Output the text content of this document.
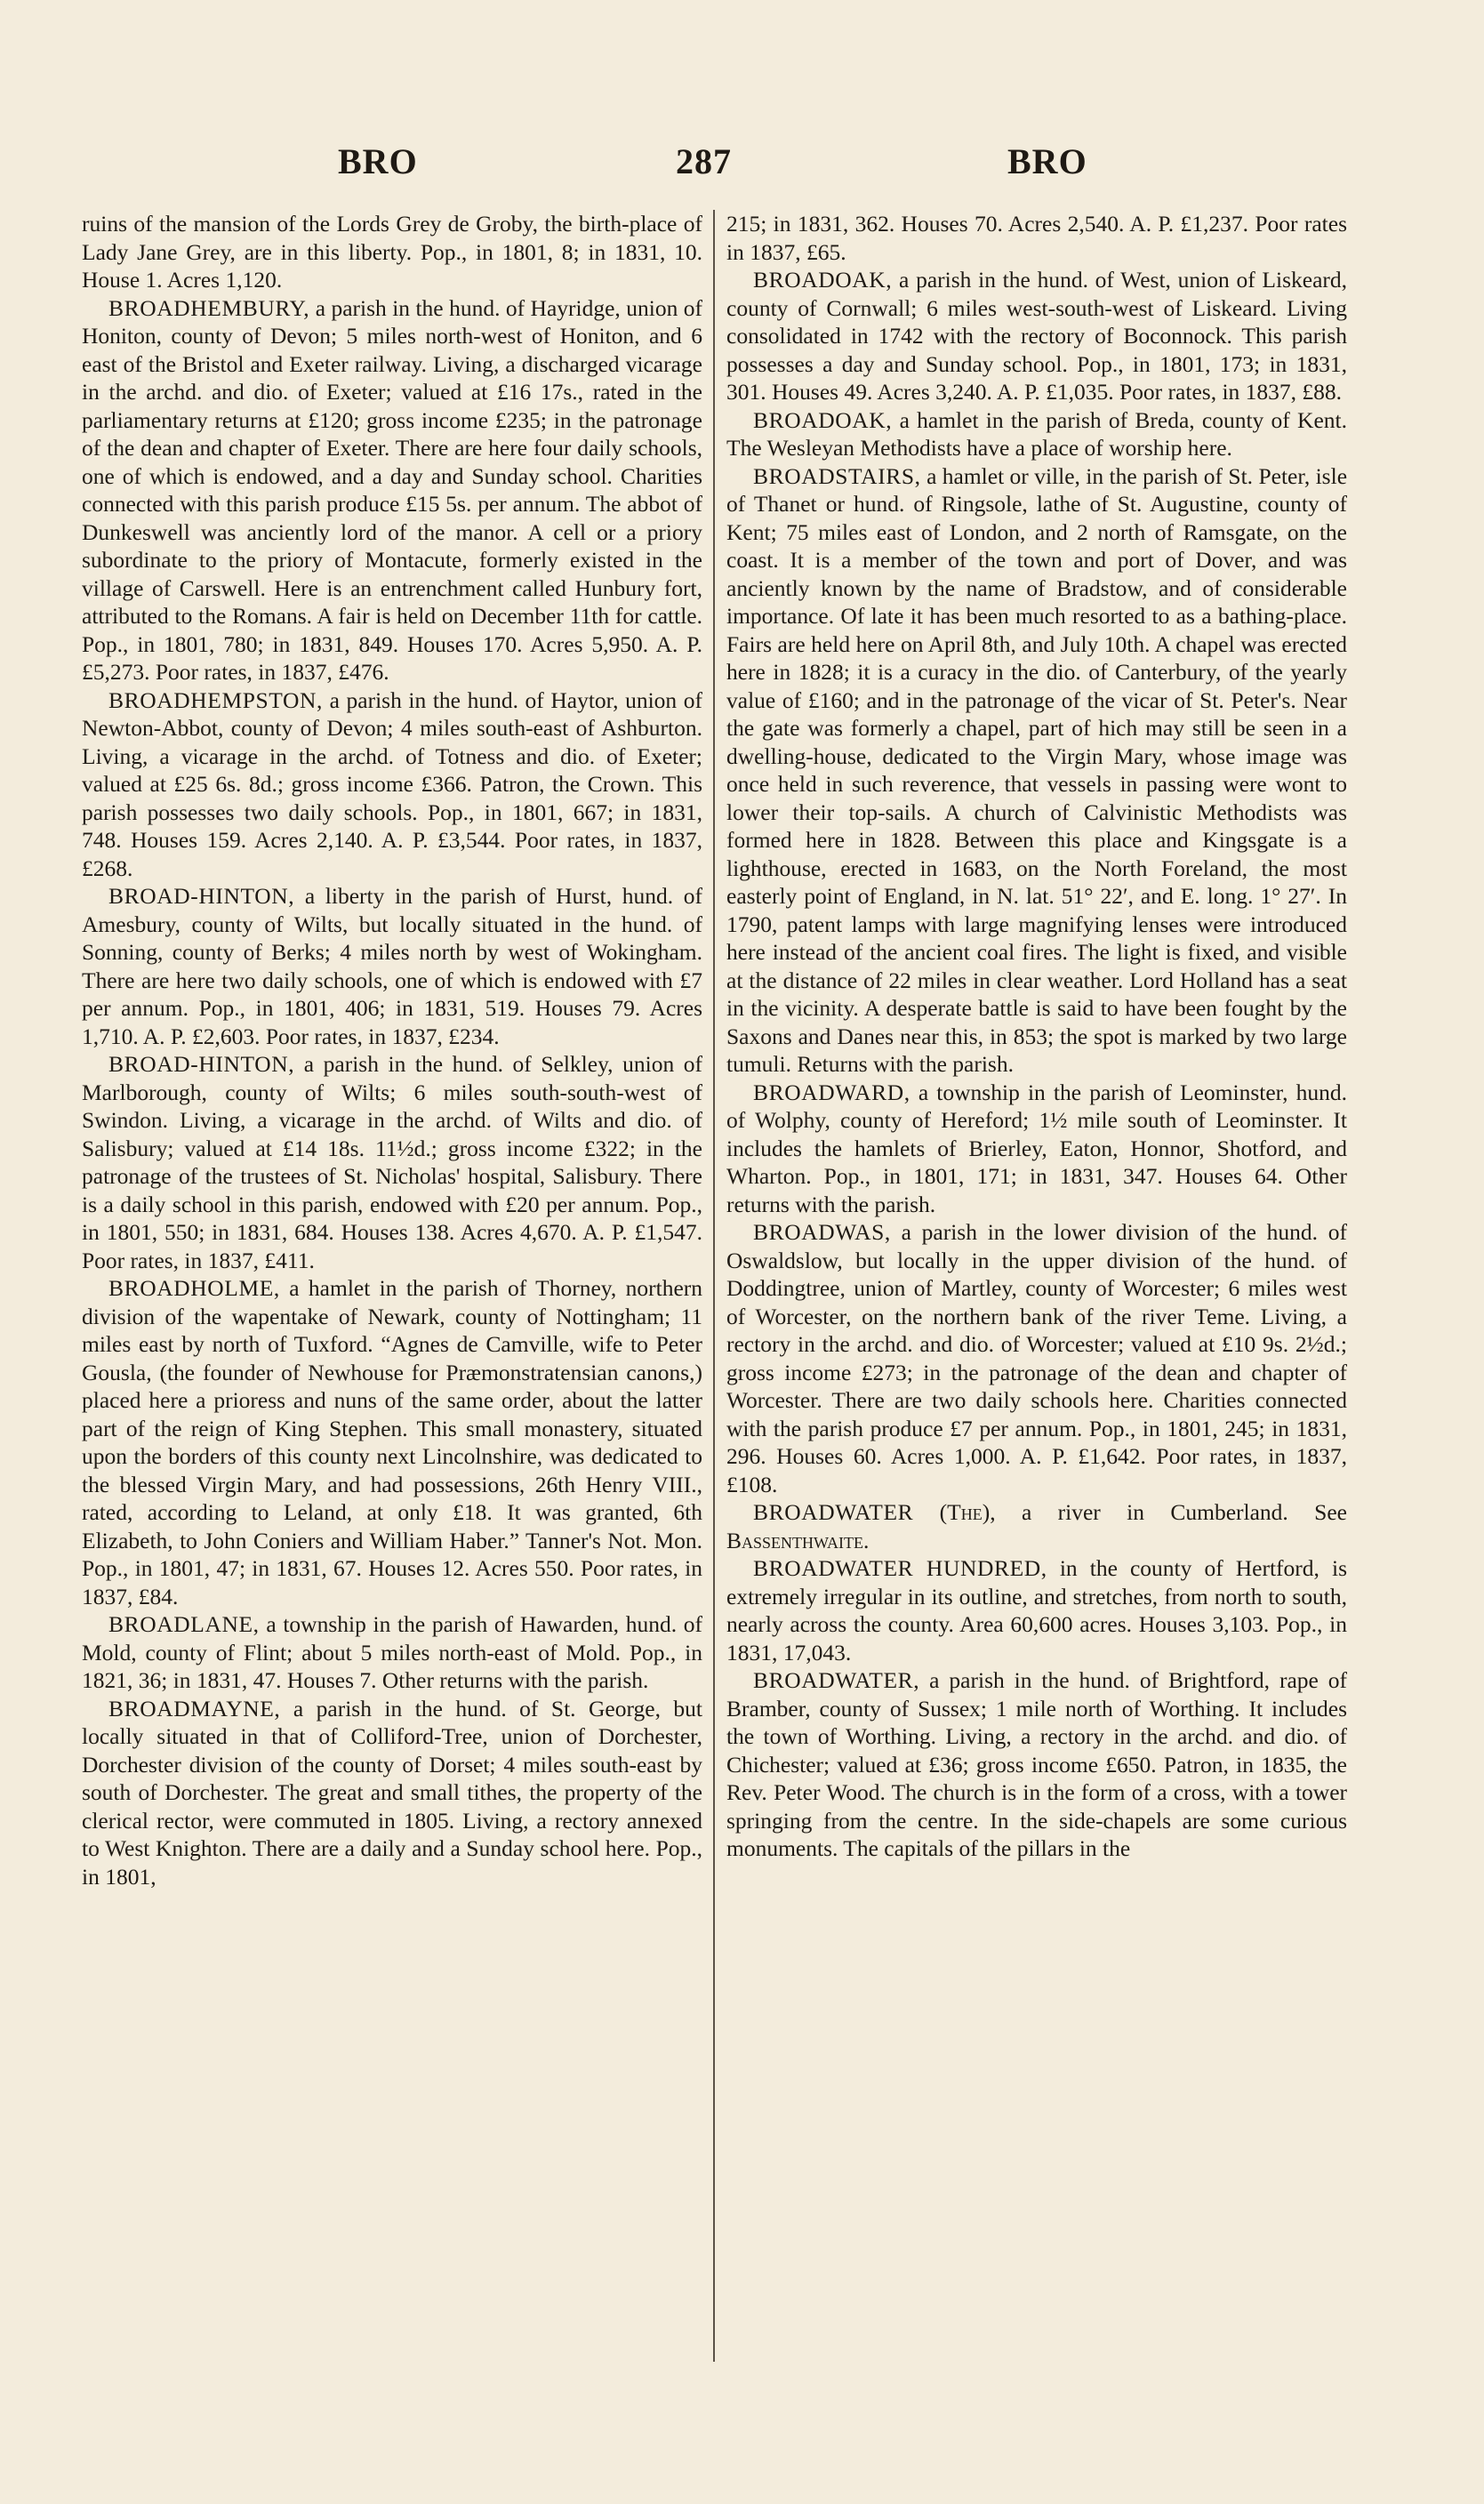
BRO	287	BRO

ruins of the mansion of the Lords Grey de Groby, the birth-place of Lady Jane Grey, are in this liberty. Pop., in 1801, 8; in 1831, 10. House 1. Acres 1,120.

BROADHEMBURY, a parish in the hund. of Hayridge, union of Honiton, county of Devon; 5 miles north-west of Honiton, and 6 east of the Bristol and Exeter railway. Living, a discharged vicarage in the archd. and dio. of Exeter; valued at £16 17s., rated in the parliamentary returns at £120; gross income £235; in the patronage of the dean and chapter of Exeter. There are here four daily schools, one of which is endowed, and a day and Sunday school. Charities connected with this parish produce £15 5s. per annum. The abbot of Dunkeswell was anciently lord of the manor. A cell or a priory subordinate to the priory of Montacute, formerly existed in the village of Carswell. Here is an entrenchment called Hunbury fort, attributed to the Romans. A fair is held on December 11th for cattle. Pop., in 1801, 780; in 1831, 849. Houses 170. Acres 5,950. A. P. £5,273. Poor rates, in 1837, £476.

BROADHEMPSTON, a parish in the hund. of Haytor, union of Newton-Abbot, county of Devon; 4 miles south-east of Ashburton. Living, a vicarage in the archd. of Totness and dio. of Exeter; valued at £25 6s. 8d.; gross income £366. Patron, the Crown. This parish possesses two daily schools. Pop., in 1801, 667; in 1831, 748. Houses 159. Acres 2,140. A. P. £3,544. Poor rates, in 1837, £268.

BROAD-HINTON, a liberty in the parish of Hurst, hund. of Amesbury, county of Wilts, but locally situated in the hund. of Sonning, county of Berks; 4 miles north by west of Wokingham. There are here two daily schools, one of which is endowed with £7 per annum. Pop., in 1801, 406; in 1831, 519. Houses 79. Acres 1,710. A. P. £2,603. Poor rates, in 1837, £234.

BROAD-HINTON, a parish in the hund. of Selkley, union of Marlborough, county of Wilts; 6 miles south-south-west of Swindon. Living, a vicarage in the archd. of Wilts and dio. of Salisbury; valued at £14 18s. 11½d.; gross income £322; in the patronage of the trustees of St. Nicholas' hospital, Salisbury. There is a daily school in this parish, endowed with £20 per annum. Pop., in 1801, 550; in 1831, 684. Houses 138. Acres 4,670. A. P. £1,547. Poor rates, in 1837, £411.

BROADHOLME, a hamlet in the parish of Thorney, northern division of the wapentake of Newark, county of Nottingham; 11 miles east by north of Tuxford. “Agnes de Camville, wife to Peter Gousla, (the founder of Newhouse for Præmonstratensian canons,) placed here a prioress and nuns of the same order, about the latter part of the reign of King Stephen. This small monastery, situated upon the borders of this county next Lincolnshire, was dedicated to the blessed Virgin Mary, and had possessions, 26th Henry VIII., rated, according to Leland, at only £18. It was granted, 6th Elizabeth, to John Coniers and William Haber.” Tanner's Not. Mon. Pop., in 1801, 47; in 1831, 67. Houses 12. Acres 550. Poor rates, in 1837, £84.

BROADLANE, a township in the parish of Hawarden, hund. of Mold, county of Flint; about 5 miles north-east of Mold. Pop., in 1821, 36; in 1831, 47. Houses 7. Other returns with the parish.

BROADMAYNE, a parish in the hund. of St. George, but locally situated in that of Colliford-Tree, union of Dorchester, Dorchester division of the county of Dorset; 4 miles south-east by south of Dorchester. The great and small tithes, the property of the clerical rector, were commuted in 1805. Living, a rectory annexed to West Knighton. There are a daily and a Sunday school here. Pop., in 1801,

215; in 1831, 362. Houses 70. Acres 2,540. A. P. £1,237. Poor rates in 1837, £65.

BROADOAK, a parish in the hund. of West, union of Liskeard, county of Cornwall; 6 miles west-south-west of Liskeard. Living consolidated in 1742 with the rectory of Boconnock. This parish possesses a day and Sunday school. Pop., in 1801, 173; in 1831, 301. Houses 49. Acres 3,240. A. P. £1,035. Poor rates, in 1837, £88.

BROADOAK, a hamlet in the parish of Breda, county of Kent. The Wesleyan Methodists have a place of worship here.

BROADSTAIRS, a hamlet or ville, in the parish of St. Peter, isle of Thanet or hund. of Ringsole, lathe of St. Augustine, county of Kent; 75 miles east of London, and 2 north of Ramsgate, on the coast. It is a member of the town and port of Dover, and was anciently known by the name of Bradstow, and of considerable importance. Of late it has been much resorted to as a bathing-place. Fairs are held here on April 8th, and July 10th. A chapel was erected here in 1828; it is a curacy in the dio. of Canterbury, of the yearly value of £160; and in the patronage of the vicar of St. Peter's. Near the gate was formerly a chapel, part of hich may still be seen in a dwelling-house, dedicated to the Virgin Mary, whose image was once held in such reverence, that vessels in passing were wont to lower their top-sails. A church of Calvinistic Methodists was formed here in 1828. Between this place and Kingsgate is a lighthouse, erected in 1683, on the North Foreland, the most easterly point of England, in N. lat. 51° 22′, and E. long. 1° 27′. In 1790, patent lamps with large magnifying lenses were introduced here instead of the ancient coal fires. The light is fixed, and visible at the distance of 22 miles in clear weather. Lord Holland has a seat in the vicinity. A desperate battle is said to have been fought by the Saxons and Danes near this, in 853; the spot is marked by two large tumuli. Returns with the parish.

BROADWARD, a township in the parish of Leominster, hund. of Wolphy, county of Hereford; 1½ mile south of Leominster. It includes the hamlets of Brierley, Eaton, Honnor, Shotford, and Wharton. Pop., in 1801, 171; in 1831, 347. Houses 64. Other returns with the parish.

BROADWAS, a parish in the lower division of the hund. of Oswaldslow, but locally in the upper division of the hund. of Doddingtree, union of Martley, county of Worcester; 6 miles west of Worcester, on the northern bank of the river Teme. Living, a rectory in the archd. and dio. of Worcester; valued at £10 9s. 2½d.; gross income £273; in the patronage of the dean and chapter of Worcester. There are two daily schools here. Charities connected with the parish produce £7 per annum. Pop., in 1801, 245; in 1831, 296. Houses 60. Acres 1,000. A. P. £1,642. Poor rates, in 1837, £108.

BROADWATER (The), a river in Cumberland. See Bassenthwaite.

BROADWATER HUNDRED, in the county of Hertford, is extremely irregular in its outline, and stretches, from north to south, nearly across the county. Area 60,600 acres. Houses 3,103. Pop., in 1831, 17,043.

BROADWATER, a parish in the hund. of Brightford, rape of Bramber, county of Sussex; 1 mile north of Worthing. It includes the town of Worthing. Living, a rectory in the archd. and dio. of Chichester; valued at £36; gross income £650. Patron, in 1835, the Rev. Peter Wood. The church is in the form of a cross, with a tower springing from the centre. In the side-chapels are some curious monuments. The capitals of the pillars in the
